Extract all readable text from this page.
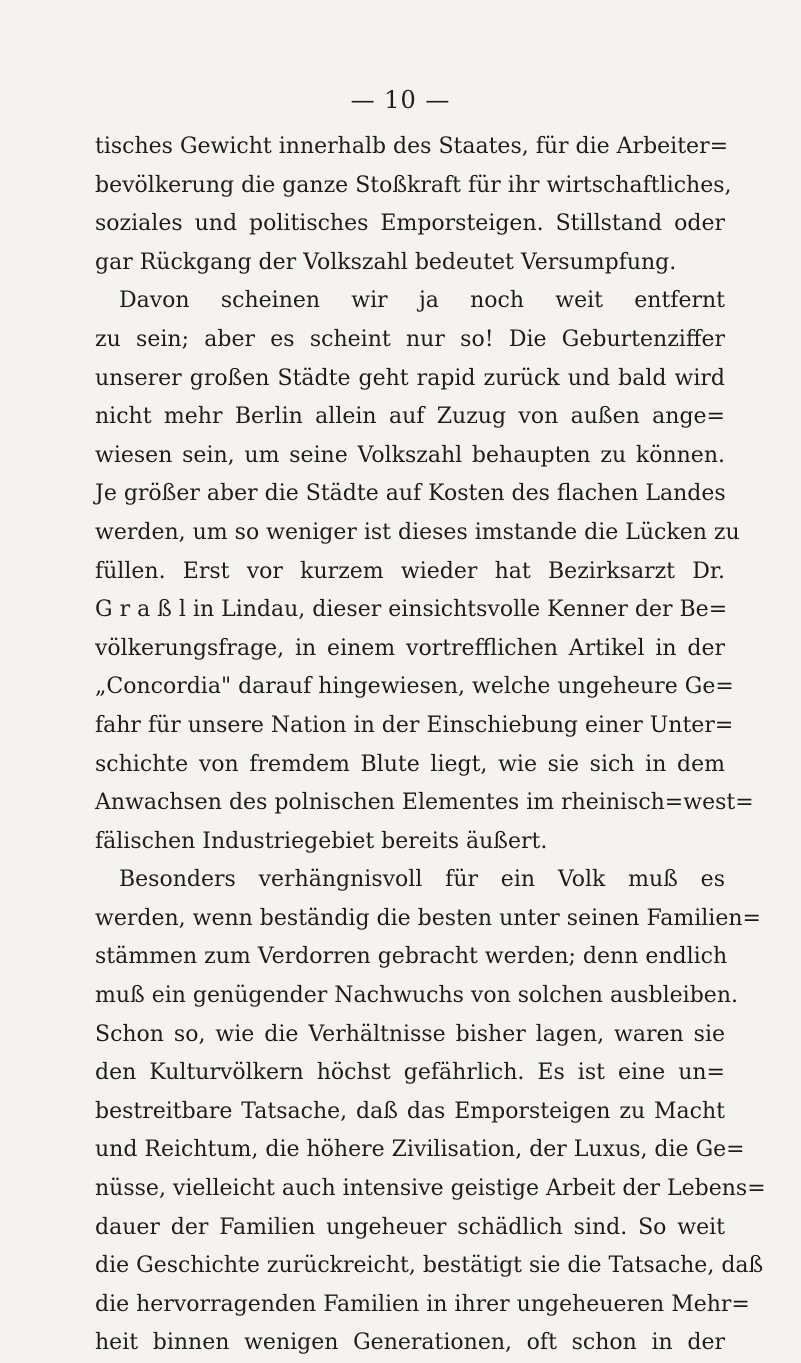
— 10 —
tisches Gewicht innerhalb des Staates, für die Arbeiter=
bevölkerung die ganze Stoßkraft für ihr wirtschaftliches,
soziales und politisches Emporsteigen. Stillstand oder
gar Rückgang der Volkszahl bedeutet Versumpfung.
Davon scheinen wir ja noch weit entfernt
zu sein; aber es scheint nur so! Die Geburtenziffer
unserer großen Städte geht rapid zurück und bald wird
nicht mehr Berlin allein auf Zuzug von außen ange=
wiesen sein, um seine Volkszahl behaupten zu können.
Je größer aber die Städte auf Kosten des flachen Landes
werden, um so weniger ist dieses imstande die Lücken zu
füllen. Erst vor kurzem wieder hat Bezirksarzt Dr.
G r a ß l in Lindau, dieser einsichtsvolle Kenner der Be=
völkerungsfrage, in einem vortrefflichen Artikel in der
„Concordia" darauf hingewiesen, welche ungeheure Ge=
fahr für unsere Nation in der Einschiebung einer Unter=
schichte von fremdem Blute liegt, wie sie sich in dem
Anwachsen des polnischen Elementes im rheinisch=west=
fälischen Industriegebiet bereits äußert.
Besonders verhängnisvoll für ein Volk muß es
werden, wenn beständig die besten unter seinen Familien=
stämmen zum Verdorren gebracht werden; denn endlich
muß ein genügender Nachwuchs von solchen ausbleiben.
Schon so, wie die Verhältnisse bisher lagen, waren sie
den Kulturvölkern höchst gefährlich. Es ist eine un=
bestreitbare Tatsache, daß das Emporsteigen zu Macht
und Reichtum, die höhere Zivilisation, der Luxus, die Ge=
nüsse, vielleicht auch intensive geistige Arbeit der Lebens=
dauer der Familien ungeheuer schädlich sind. So weit
die Geschichte zurückreicht, bestätigt sie die Tatsache, daß
die hervorragenden Familien in ihrer ungeheueren Mehr=
heit binnen wenigen Generationen, oft schon in der
